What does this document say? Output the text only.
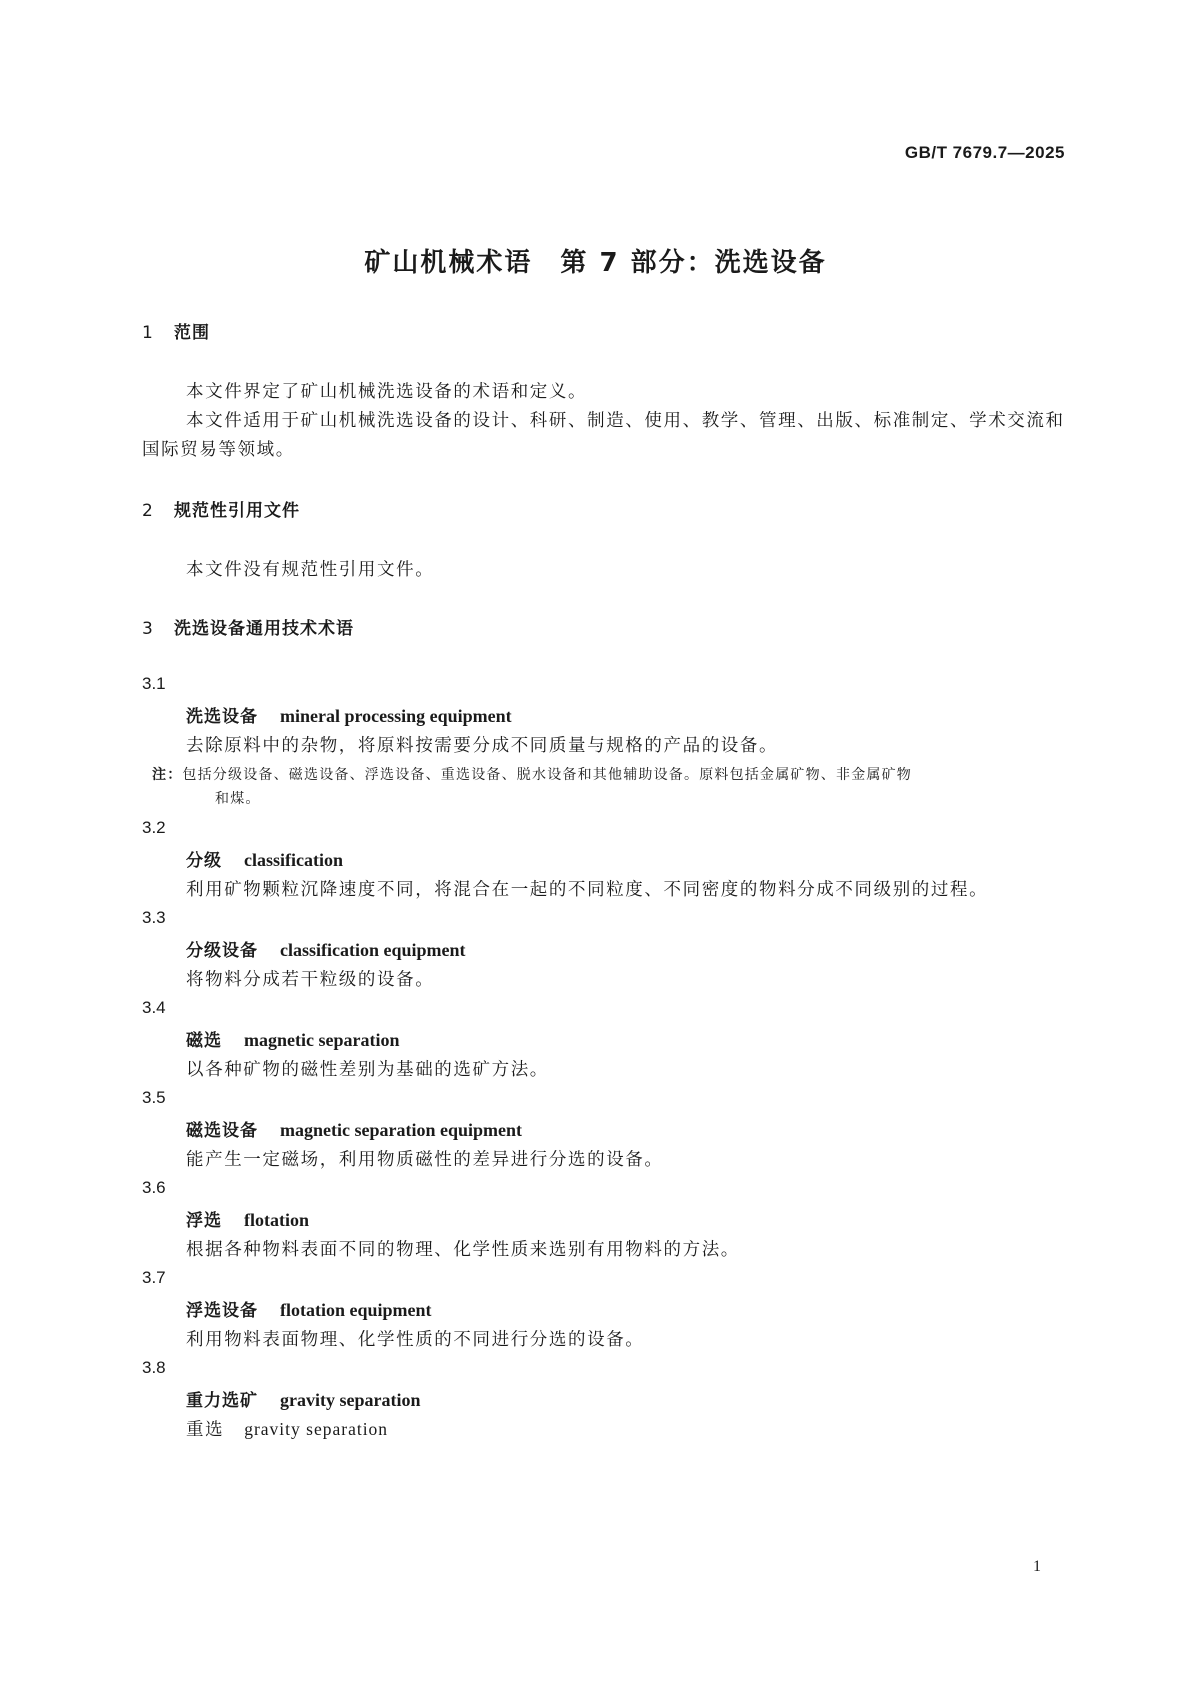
GB/T 7679.7—2025
矿山机械术语　第 7 部分：洗选设备
1 范围
本文件界定了矿山机械洗选设备的术语和定义。
本文件适用于矿山机械洗选设备的设计、科研、制造、使用、教学、管理、出版、标准制定、学术交流和
国际贸易等领域。
2 规范性引用文件
本文件没有规范性引用文件。
3 洗选设备通用技术术语
3.1
洗选设备 mineral processing equipment
去除原料中的杂物，将原料按需要分成不同质量与规格的产品的设备。
注：包括分级设备、磁选设备、浮选设备、重选设备、脱水设备和其他辅助设备。原料包括金属矿物、非金属矿物
和煤。
3.2
分级 classification
利用矿物颗粒沉降速度不同，将混合在一起的不同粒度、不同密度的物料分成不同级别的过程。
3.3
分级设备 classification equipment
将物料分成若干粒级的设备。
3.4
磁选 magnetic separation
以各种矿物的磁性差别为基础的选矿方法。
3.5
磁选设备 magnetic separation equipment
能产生一定磁场，利用物质磁性的差异进行分选的设备。
3.6
浮选 flotation
根据各种物料表面不同的物理、化学性质来选别有用物料的方法。
3.7
浮选设备 flotation equipment
利用物料表面物理、化学性质的不同进行分选的设备。
3.8
重力选矿 gravity separation
重选 gravity separation
1
